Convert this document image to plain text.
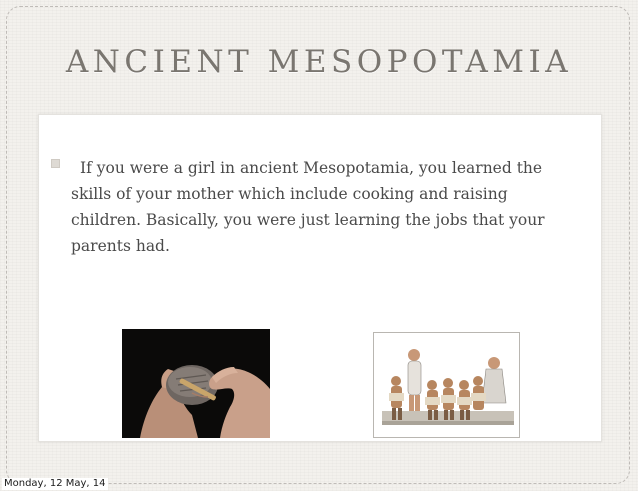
ANCIENT MESOPOTAMIA
If you were a girl in ancient Mesopotamia, you learned the skills of your mother which include cooking and raising children. Basically, you were just learning the jobs that your parents had.
Monday, 12 May, 14
